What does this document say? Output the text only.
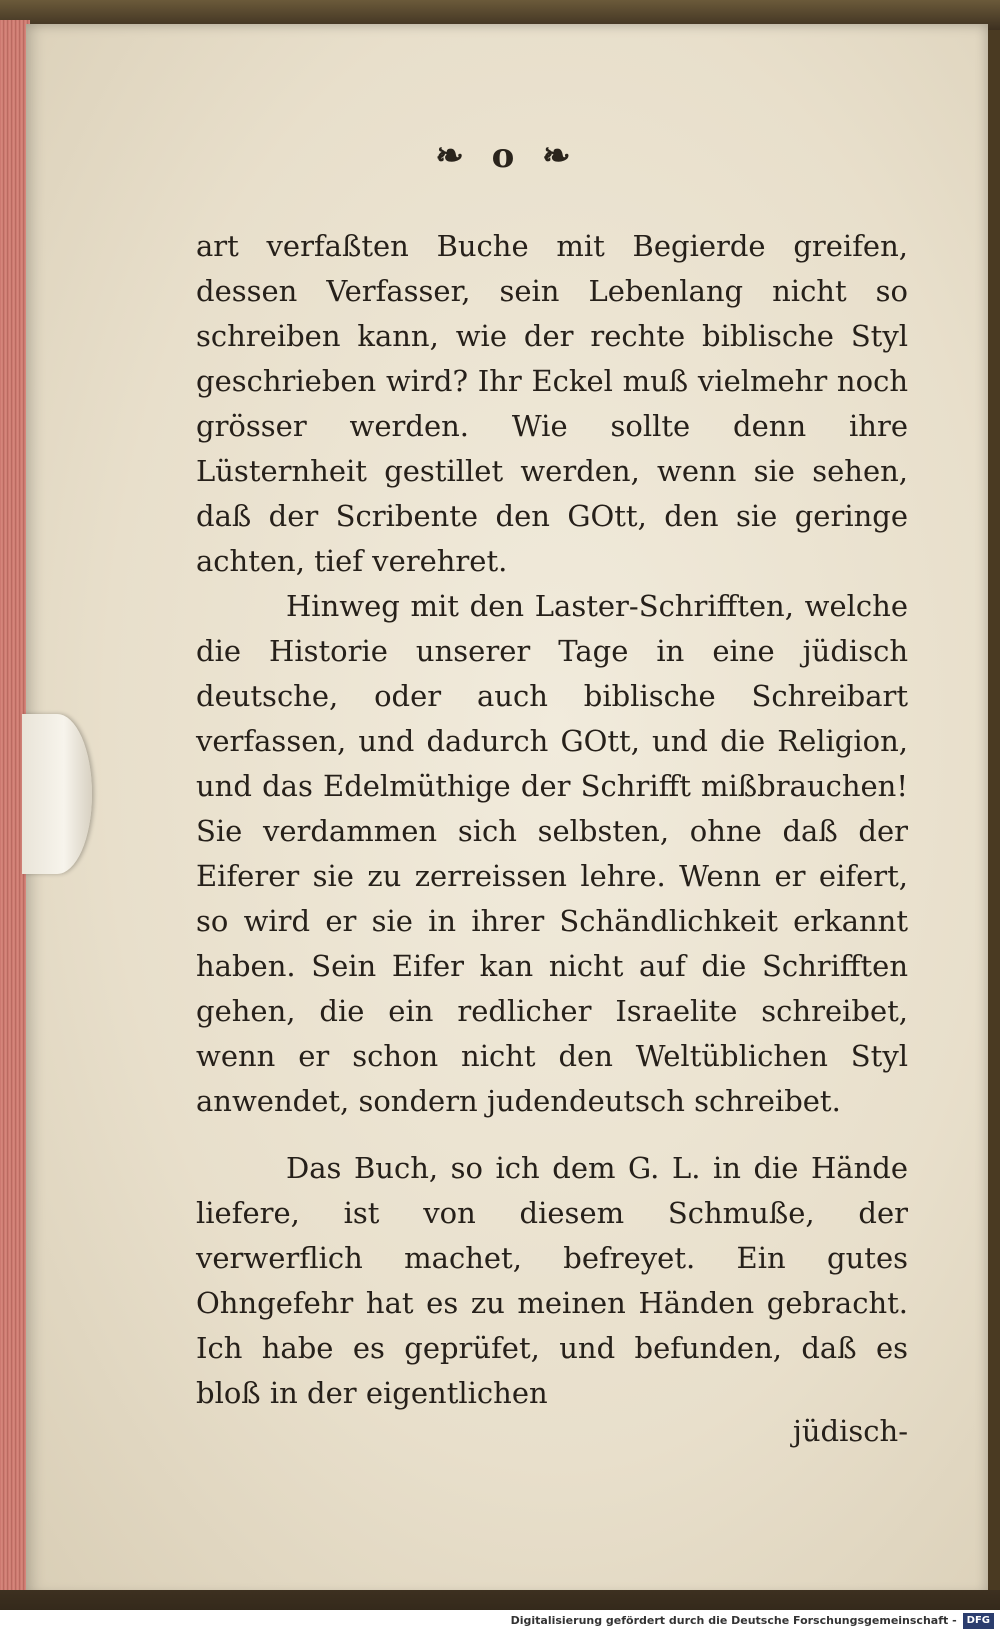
❧ o ❧

art verfaßten Buche mit Begierde greifen, dessen Verfasser, sein Lebenlang nicht so schreiben kann, wie der rechte biblische Styl geschrieben wird? Ihr Eckel muß vielmehr noch grösser werden. Wie sollte denn ihre Lüsternheit gestillet werden, wenn sie sehen, daß der Scribente den GOtt, den sie geringe achten, tief verehret.

Hinweg mit den Laster-Schrifften, welche die Historie unserer Tage in eine jüdisch deutsche, oder auch biblische Schreibart verfassen, und dadurch GOtt, und die Religion, und das Edelmüthige der Schrifft mißbrauchen! Sie verdammen sich selbsten, ohne daß der Eiferer sie zu zerreissen lehre. Wenn er eifert, so wird er sie in ihrer Schändlichkeit erkannt haben. Sein Eifer kan nicht auf die Schrifften gehen, die ein redlicher Israelite schreibet, wenn er schon nicht den Weltüblichen Styl anwendet, sondern judendeutsch schreibet.

Das Buch, so ich dem G. L. in die Hände liefere, ist von diesem Schmuße, der verwerflich machet, befreyet. Ein gutes Ohngefehr hat es zu meinen Händen gebracht. Ich habe es geprüfet, und befunden, daß es bloß in der eigentlichen

jüdisch-
Digitalisierung gefördert durch die Deutsche Forschungsgemeinschaft - DFG
